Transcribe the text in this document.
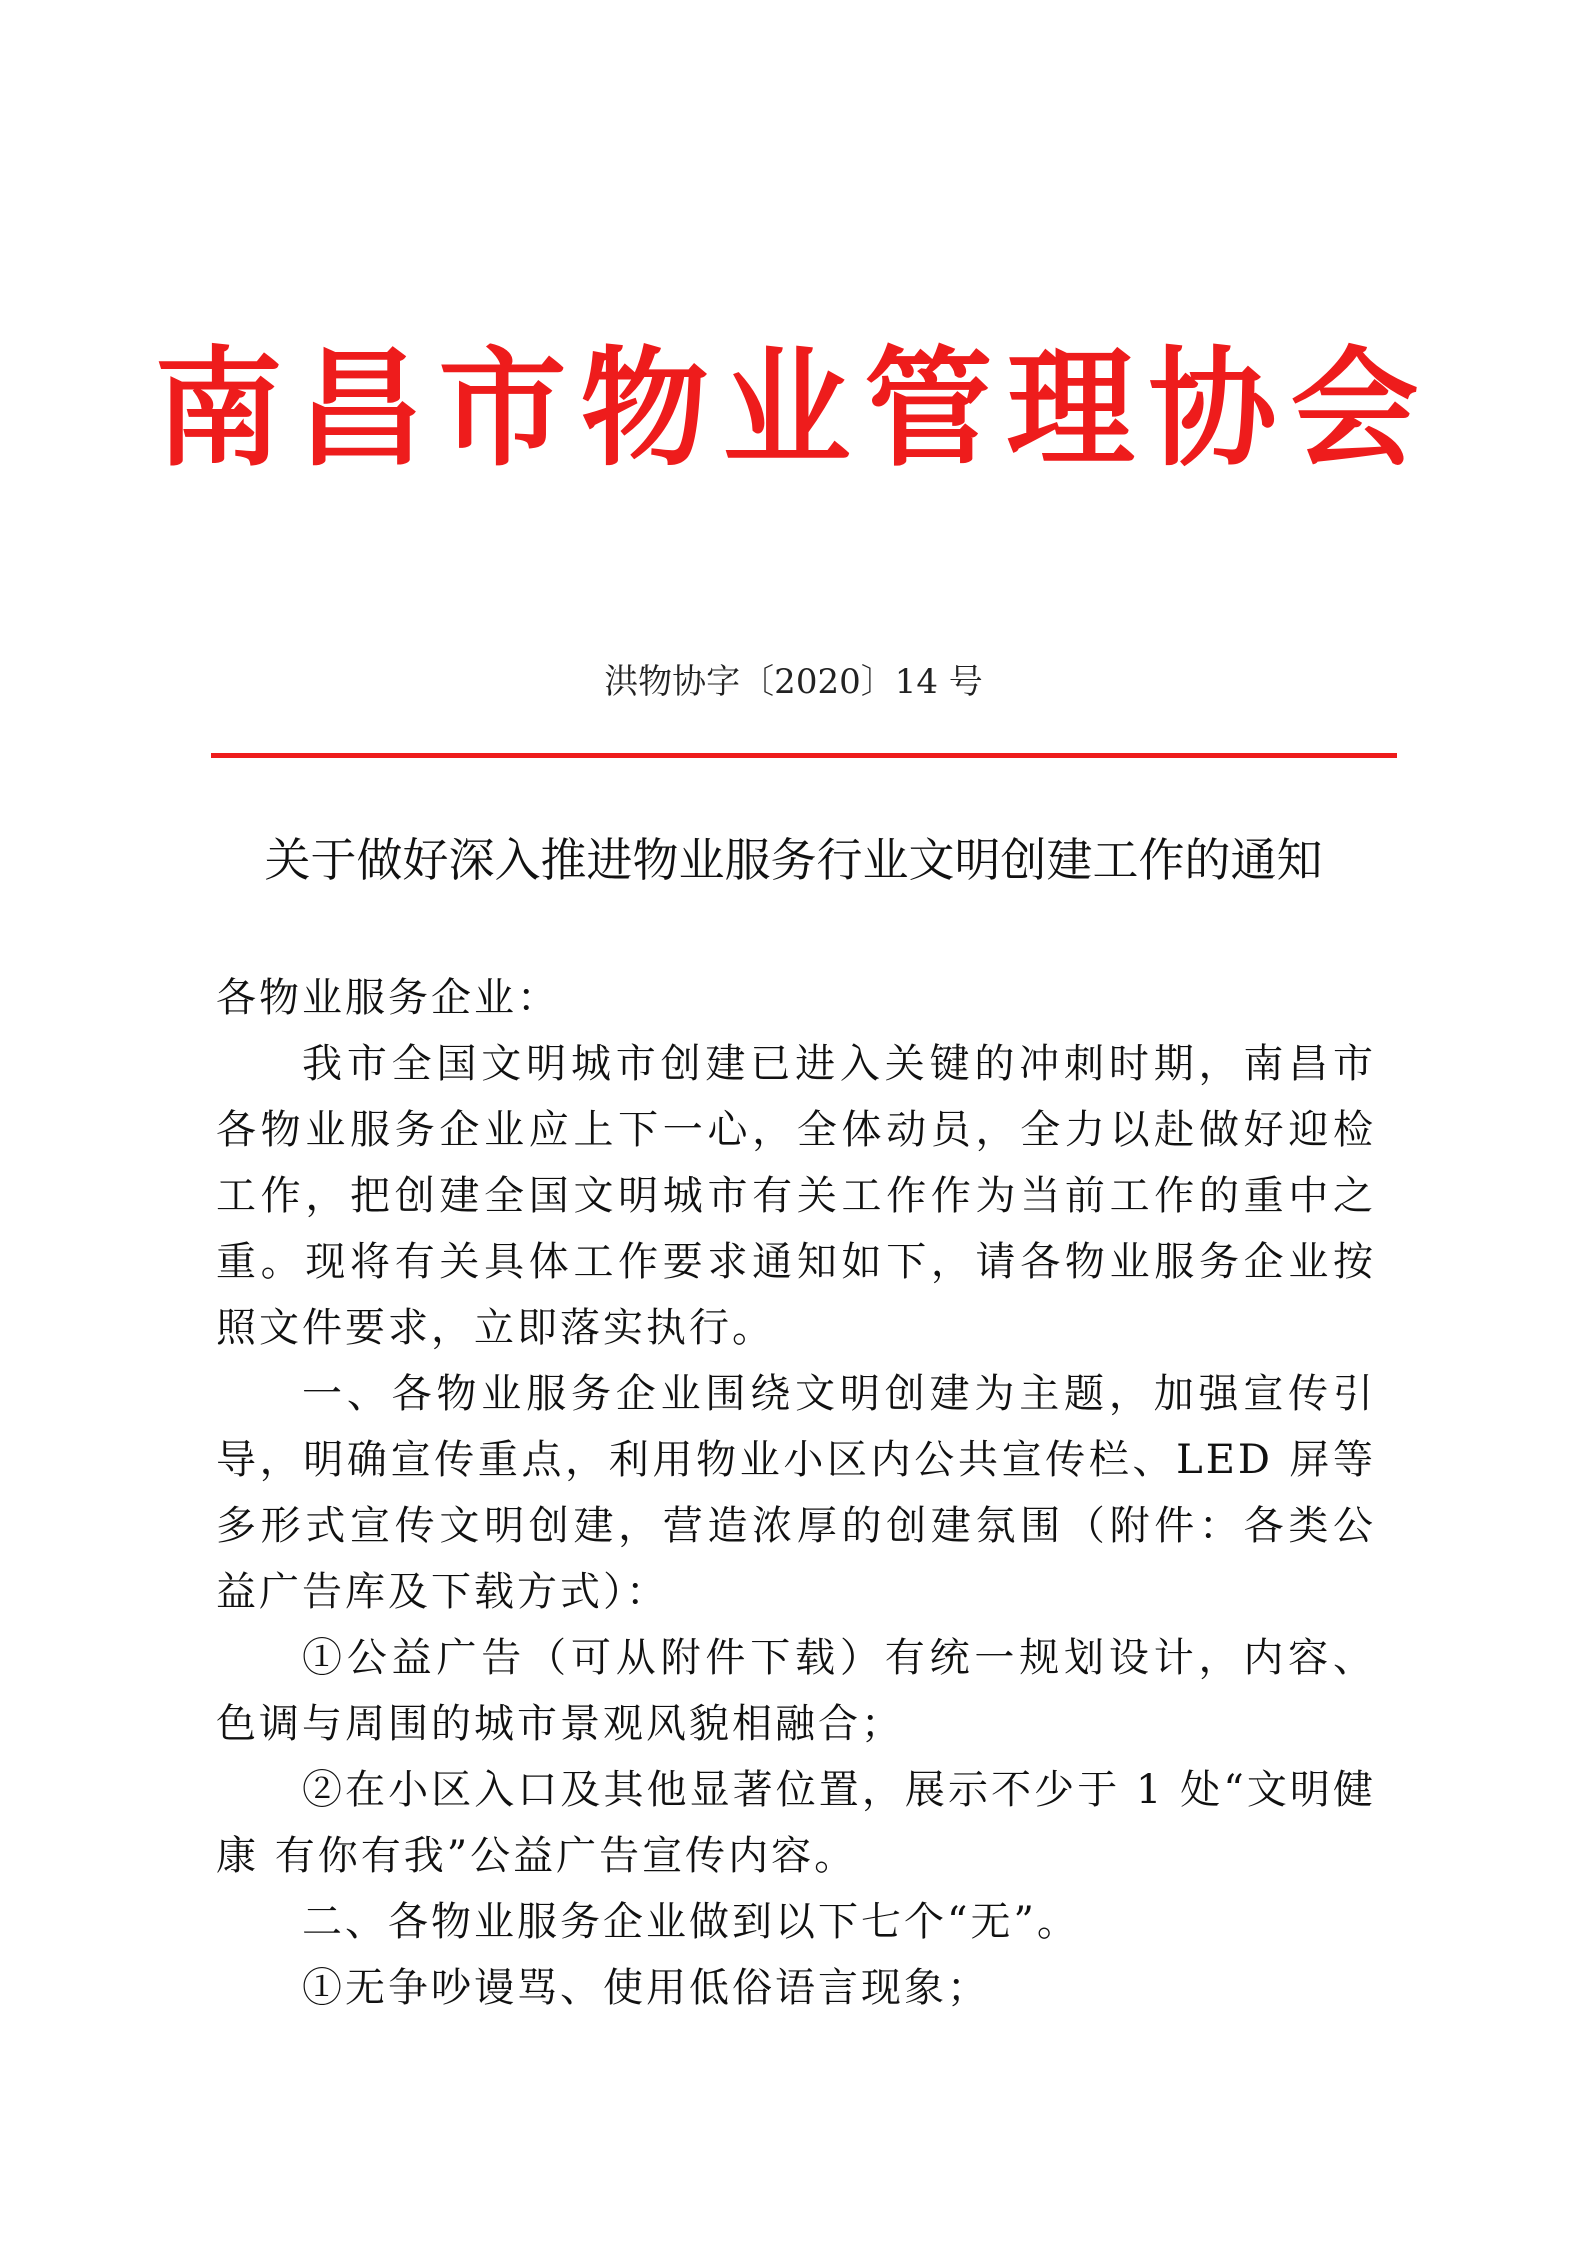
南昌市物业管理协会
洪物协字〔2020〕14 号
关于做好深入推进物业服务行业文明创建工作的通知

各物业服务企业：

我市全国文明城市创建已进入关键的冲刺时期，南昌市各物业服务企业应上下一心，全体动员，全力以赴做好迎检工作，把创建全国文明城市有关工作作为当前工作的重中之重。现将有关具体工作要求通知如下，请各物业服务企业按照文件要求，立即落实执行。

一、各物业服务企业围绕文明创建为主题，加强宣传引导，明确宣传重点，利用物业小区内公共宣传栏、LED 屏等多形式宣传文明创建，营造浓厚的创建氛围（附件：各类公益广告库及下载方式）：

①公益广告（可从附件下载）有统一规划设计，内容、色调与周围的城市景观风貌相融合；

②在小区入口及其他显著位置，展示不少于 1 处“文明健康 有你有我”公益广告宣传内容。

二、各物业服务企业做到以下七个“无”。

①无争吵谩骂、使用低俗语言现象；
